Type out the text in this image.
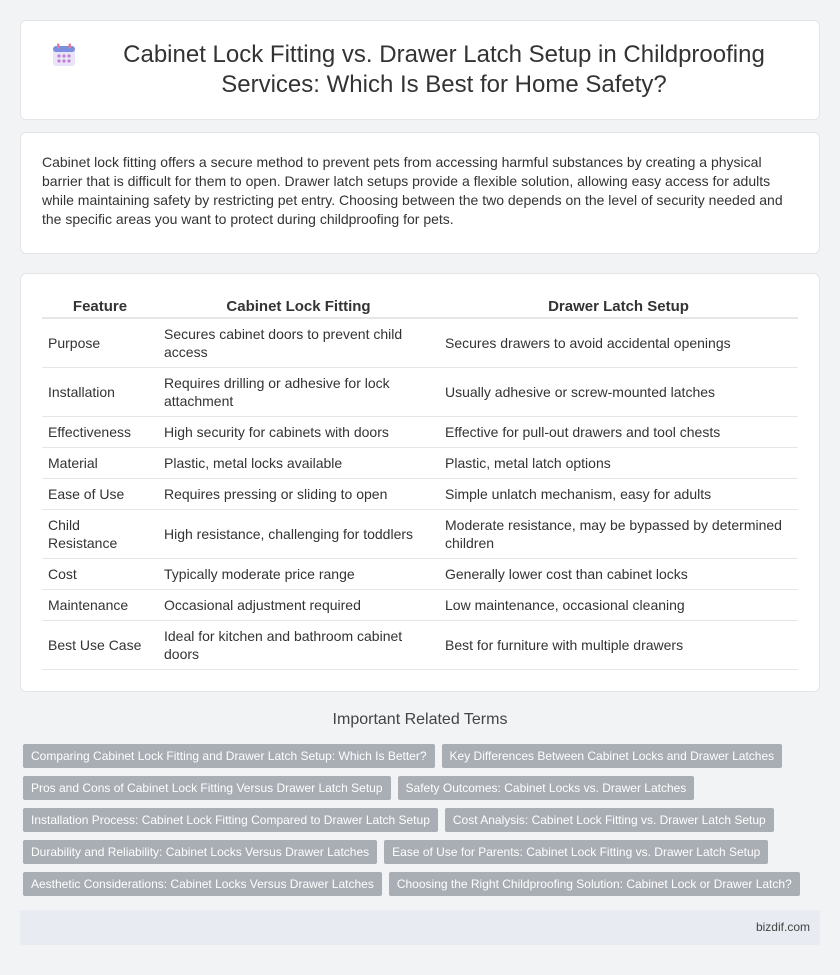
Cabinet Lock Fitting vs. Drawer Latch Setup in Childproofing Services: Which Is Best for Home Safety?

Cabinet lock fitting offers a secure method to prevent pets from accessing harmful substances by creating a physical barrier that is difficult for them to open. Drawer latch setups provide a flexible solution, allowing easy access for adults while maintaining safety by restricting pet entry. Choosing between the two depends on the level of security needed and the specific areas you want to protect during childproofing for pets.

Feature	Cabinet Lock Fitting	Drawer Latch Setup
Purpose	Secures cabinet doors to prevent child access	Secures drawers to avoid accidental openings
Installation	Requires drilling or adhesive for lock attachment	Usually adhesive or screw-mounted latches
Effectiveness	High security for cabinets with doors	Effective for pull-out drawers and tool chests
Material	Plastic, metal locks available	Plastic, metal latch options
Ease of Use	Requires pressing or sliding to open	Simple unlatch mechanism, easy for adults
Child Resistance	High resistance, challenging for toddlers	Moderate resistance, may be bypassed by determined children
Cost	Typically moderate price range	Generally lower cost than cabinet locks
Maintenance	Occasional adjustment required	Low maintenance, occasional cleaning
Best Use Case	Ideal for kitchen and bathroom cabinet doors	Best for furniture with multiple drawers
Important Related Terms
Comparing Cabinet Lock Fitting and Drawer Latch Setup: Which Is Better?	Key Differences Between Cabinet Locks and Drawer Latches
Pros and Cons of Cabinet Lock Fitting Versus Drawer Latch Setup	Safety Outcomes: Cabinet Locks vs. Drawer Latches
Installation Process: Cabinet Lock Fitting Compared to Drawer Latch Setup	Cost Analysis: Cabinet Lock Fitting vs. Drawer Latch Setup
Durability and Reliability: Cabinet Locks Versus Drawer Latches	Ease of Use for Parents: Cabinet Lock Fitting vs. Drawer Latch Setup
Aesthetic Considerations: Cabinet Locks Versus Drawer Latches	Choosing the Right Childproofing Solution: Cabinet Lock or Drawer Latch?
bizdif.com
